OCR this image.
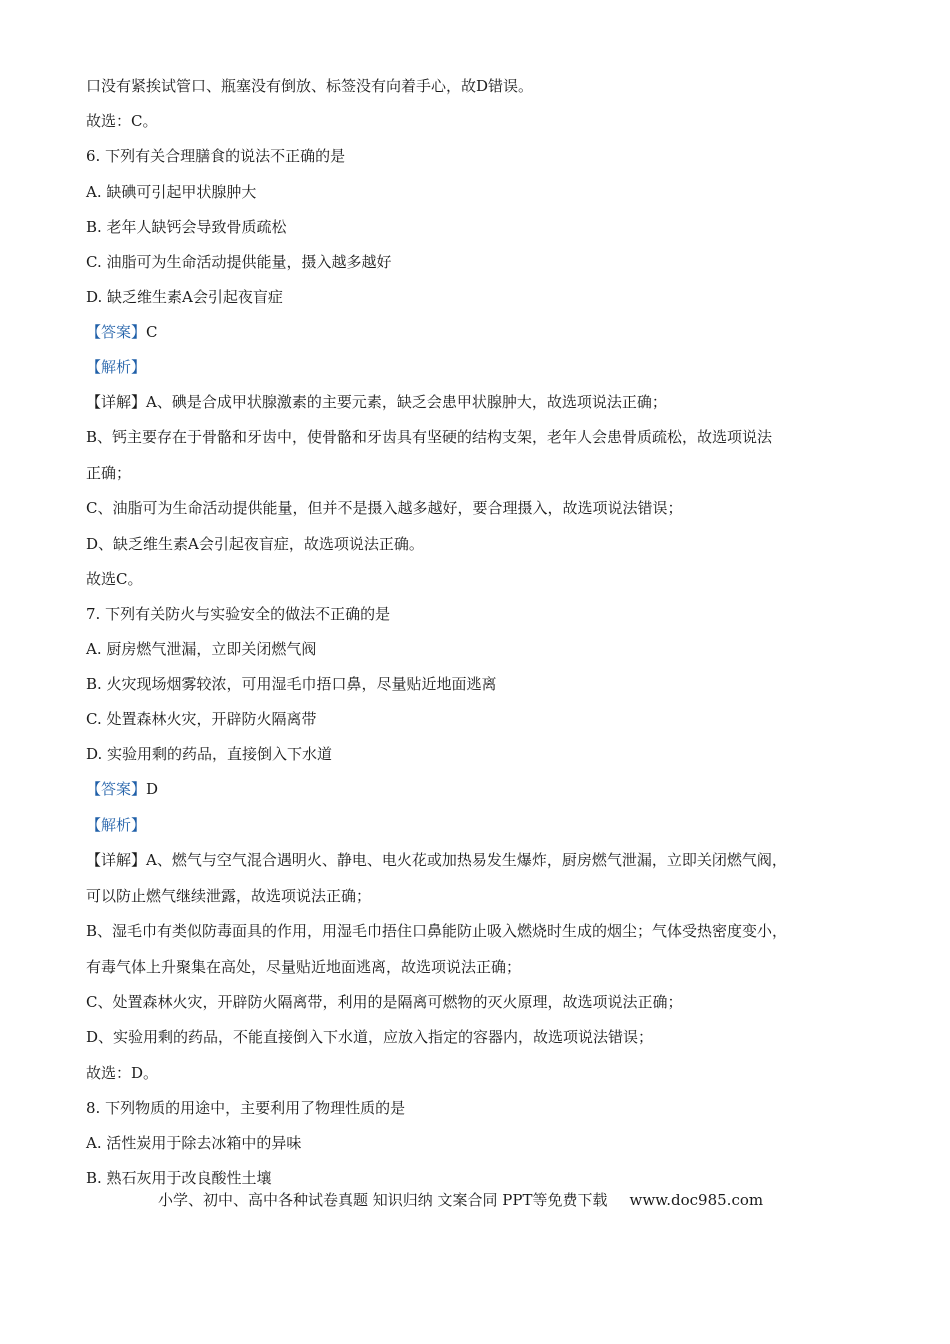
口没有紧挨试管口、瓶塞没有倒放、标签没有向着手心，故D错误。
故选：C。
6. 下列有关合理膳食的说法不正确的是
A. 缺碘可引起甲状腺肿大
B. 老年人缺钙会导致骨质疏松
C. 油脂可为生命活动提供能量，摄入越多越好
D. 缺乏维生素A会引起夜盲症
【答案】C
【解析】
【详解】A、碘是合成甲状腺激素的主要元素，缺乏会患甲状腺肿大，故选项说法正确；
B、钙主要存在于骨骼和牙齿中，使骨骼和牙齿具有坚硬的结构支架，老年人会患骨质疏松，故选项说法
正确；
C、油脂可为生命活动提供能量，但并不是摄入越多越好，要合理摄入，故选项说法错误；
D、缺乏维生素A会引起夜盲症，故选项说法正确。
故选C。
7. 下列有关防火与实验安全的做法不正确的是
A. 厨房燃气泄漏，立即关闭燃气阀
B. 火灾现场烟雾较浓，可用湿毛巾捂口鼻，尽量贴近地面逃离
C. 处置森林火灾，开辟防火隔离带
D. 实验用剩的药品，直接倒入下水道
【答案】D
【解析】
【详解】A、燃气与空气混合遇明火、静电、电火花或加热易发生爆炸，厨房燃气泄漏，立即关闭燃气阀，
可以防止燃气继续泄露，故选项说法正确；
B、湿毛巾有类似防毒面具的作用，用湿毛巾捂住口鼻能防止吸入燃烧时生成的烟尘；气体受热密度变小，
有毒气体上升聚集在高处，尽量贴近地面逃离，故选项说法正确；
C、处置森林火灾，开辟防火隔离带，利用的是隔离可燃物的灭火原理，故选项说法正确；
D、实验用剩的药品，不能直接倒入下水道，应放入指定的容器内，故选项说法错误；
故选：D。
8. 下列物质的用途中，主要利用了物理性质的是
A. 活性炭用于除去冰箱中的异味
B. 熟石灰用于改良酸性土壤
小学、初中、高中各种试卷真题 知识归纳 文案合同 PPT等免费下载 www.doc985.com
